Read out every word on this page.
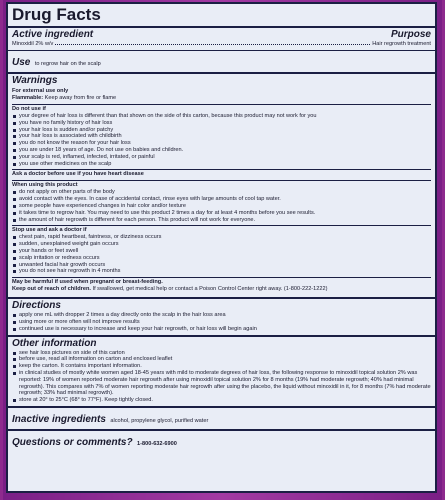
Drug Facts
Active ingredient	Purpose
Minoxidil 2% w/v	Hair regrowth treatment
Use to regrow hair on the scalp
Warnings
For external use only
Flammable: Keep away from fire or flame
Do not use if
your degree of hair loss is different than that shown on the side of this carton, because this product may not work for you
you have no family history of hair loss
your hair loss is sudden and/or patchy
your hair loss is associated with childbirth
you do not know the reason for your hair loss
you are under 18 years of age. Do not use on babies and children.
your scalp is red, inflamed, infected, irritated, or painful
you use other medicines on the scalp
Ask a doctor before use if you have heart disease
When using this product
do not apply on other parts of the body
avoid contact with the eyes. In case of accidental contact, rinse eyes with large amounts of cool tap water.
some people have experienced changes in hair color and/or texture
it takes time to regrow hair. You may need to use this product 2 times a day for at least 4 months before you see results.
the amount of hair regrowth is different for each person. This product will not work for everyone.
Stop use and ask a doctor if
chest pain, rapid heartbeat, faintness, or dizziness occurs
sudden, unexplained weight gain occurs
your hands or feet swell
scalp irritation or redness occurs
unwanted facial hair growth occurs
you do not see hair regrowth in 4 months
May be harmful if used when pregnant or breast-feeding.
Keep out of reach of children. If swallowed, get medical help or contact a Poison Control Center right away. (1-800-222-1222)
Directions
apply one mL with dropper 2 times a day directly onto the scalp in the hair loss area
using more or more often will not improve results
continued use is necessary to increase and keep your hair regrowth, or hair loss will begin again
Other information
see hair loss pictures on side of this carton
before use, read all information on carton and enclosed leaflet
keep the carton. It contains important information.
in clinical studies of mostly white women aged 18-45 years with mild to moderate degrees of hair loss, the following response to minoxidil topical solution 2% was reported: 19% of women reported moderate hair regrowth after using minoxidil topical solution 2% for 8 months (19% had moderate regrowth; 40% had minimal regrowth). This compares with 7% of women reporting moderate hair regrowth after using the placebo, the liquid without minoxidil in it, for 8 months (7% had moderate regrowth; 33% had minimal regrowth).
store at 20° to 25°C (68° to 77°F). Keep tightly closed.
Inactive ingredients alcohol, propylene glycol, purified water
Questions or comments? 1-800-632-6900
